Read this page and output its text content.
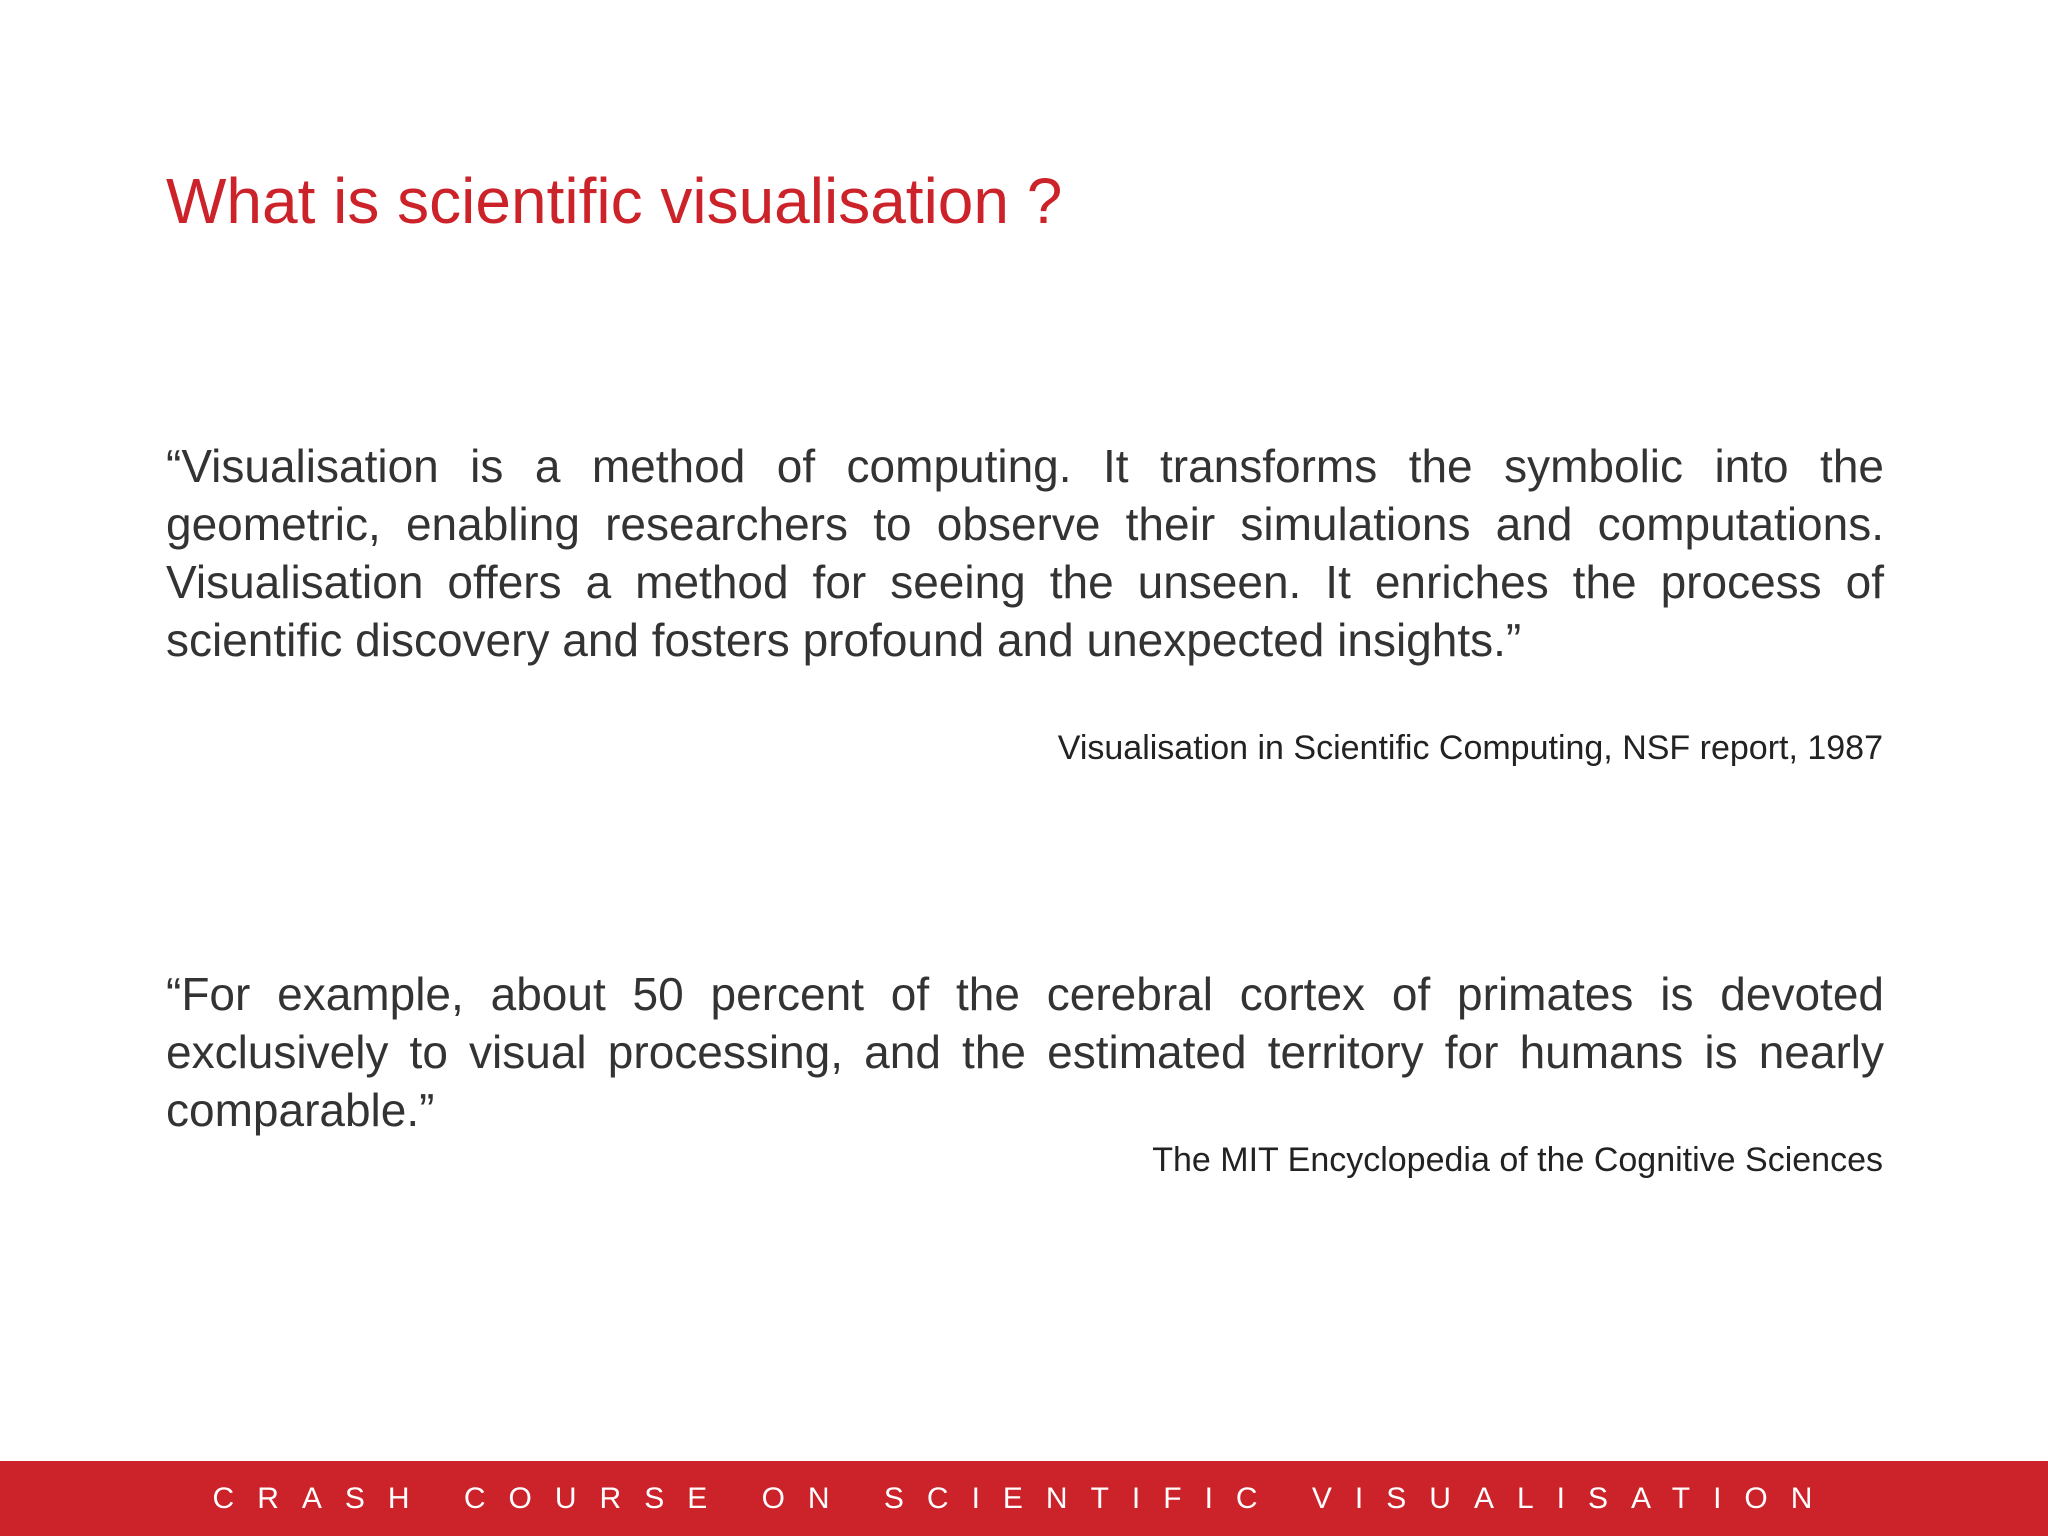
What is scientific visualisation ?

“Visualisation is a method of computing. It transforms the symbolic into the geometric, enabling researchers to observe their simulations and computations. Visualisation offers a method for seeing the unseen. It enriches the process of scientific discovery and fosters profound and unexpected insights.”

Visualisation in Scientific Computing, NSF report, 1987

“For example, about 50 percent of the cerebral cortex of primates is devoted exclusively to visual processing, and the estimated territory for humans is nearly comparable.”

The MIT Encyclopedia of the Cognitive Sciences

CRASH COURSE ON SCIENTIFIC VISUALISATION
